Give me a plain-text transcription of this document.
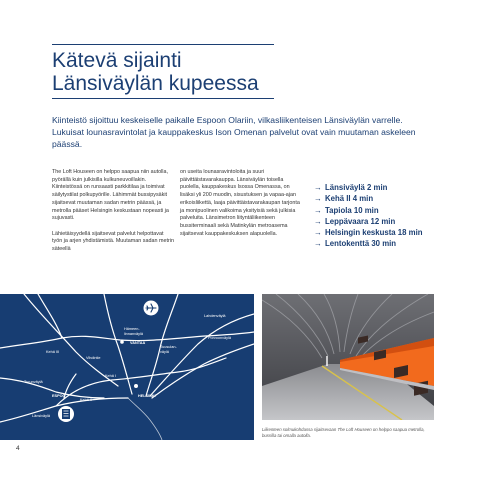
Kätevä sijainti
Länsiväylän kupeessa

Kiinteistö sijoittuu keskeiselle paikalle Espoon Olariin, vilkasliikenteisen Länsiväylän varrelle. Lukuisat lounasravintolat ja kauppakeskus Ison Omenan palvelut ovat vain muutaman askeleen päässä.

The Loft Houseen on helppo saapua niin autolla, pyörällä kuin julkisilla kulkuneuvoillakin. Kiinteistössä on runsaasti parkkitilaa ja toimivat säilytystilat polkupyörille. Lähimmät bussipysäkit sijaitsevat muutaman sadan metrin päässä, ja metrolla pääset Helsingin keskustaan nopeasti ja sujuvasti.

Lähietäisyydellä sijaitsevat palvelut helpottavat työn ja arjen yhdistämistä. Muutaman sadan metrin säteellä

on useita lounasravintoloita ja suuri päivittäistavarakauppa. Länsiväylän toisella puolella, kauppakeskus Isossa Omenassa, on lisäksi yli 200 muodin, sisustuksen ja vapaa-ajan erikoisliikettä, laaja päivittäistavarakaupan tarjonta ja monipuolinen valikoima yksityisiä sekä julkisia palveluita. Länsimetron liityntäliikenteen bussiterminaali sekä Matinkylän metroasema sijaitsevat kauppakeskuksen alapuolella.

→ Länsiväylä 2 min
→ Kehä II 4 min
→ Tapiola 10 min
→ Leppävaara 12 min
→ Helsingin keskusta 18 min
→ Lentokenttä 30 min
Lahdenväylä
Hämeen-
linnanväylä
VANTAA
Porvoonväylä
Kehä III
Tuusulan-
väylä
Vihdintie
Kehä I
Turunväylä
ESPOO
Kehä II
HELSINKI
Länsiväylä

Liikenteen solmukohdassa sijaitsevaan The Loft Houseen on helppo saapua metrolla, bussilla tai omalla autolla.

4
